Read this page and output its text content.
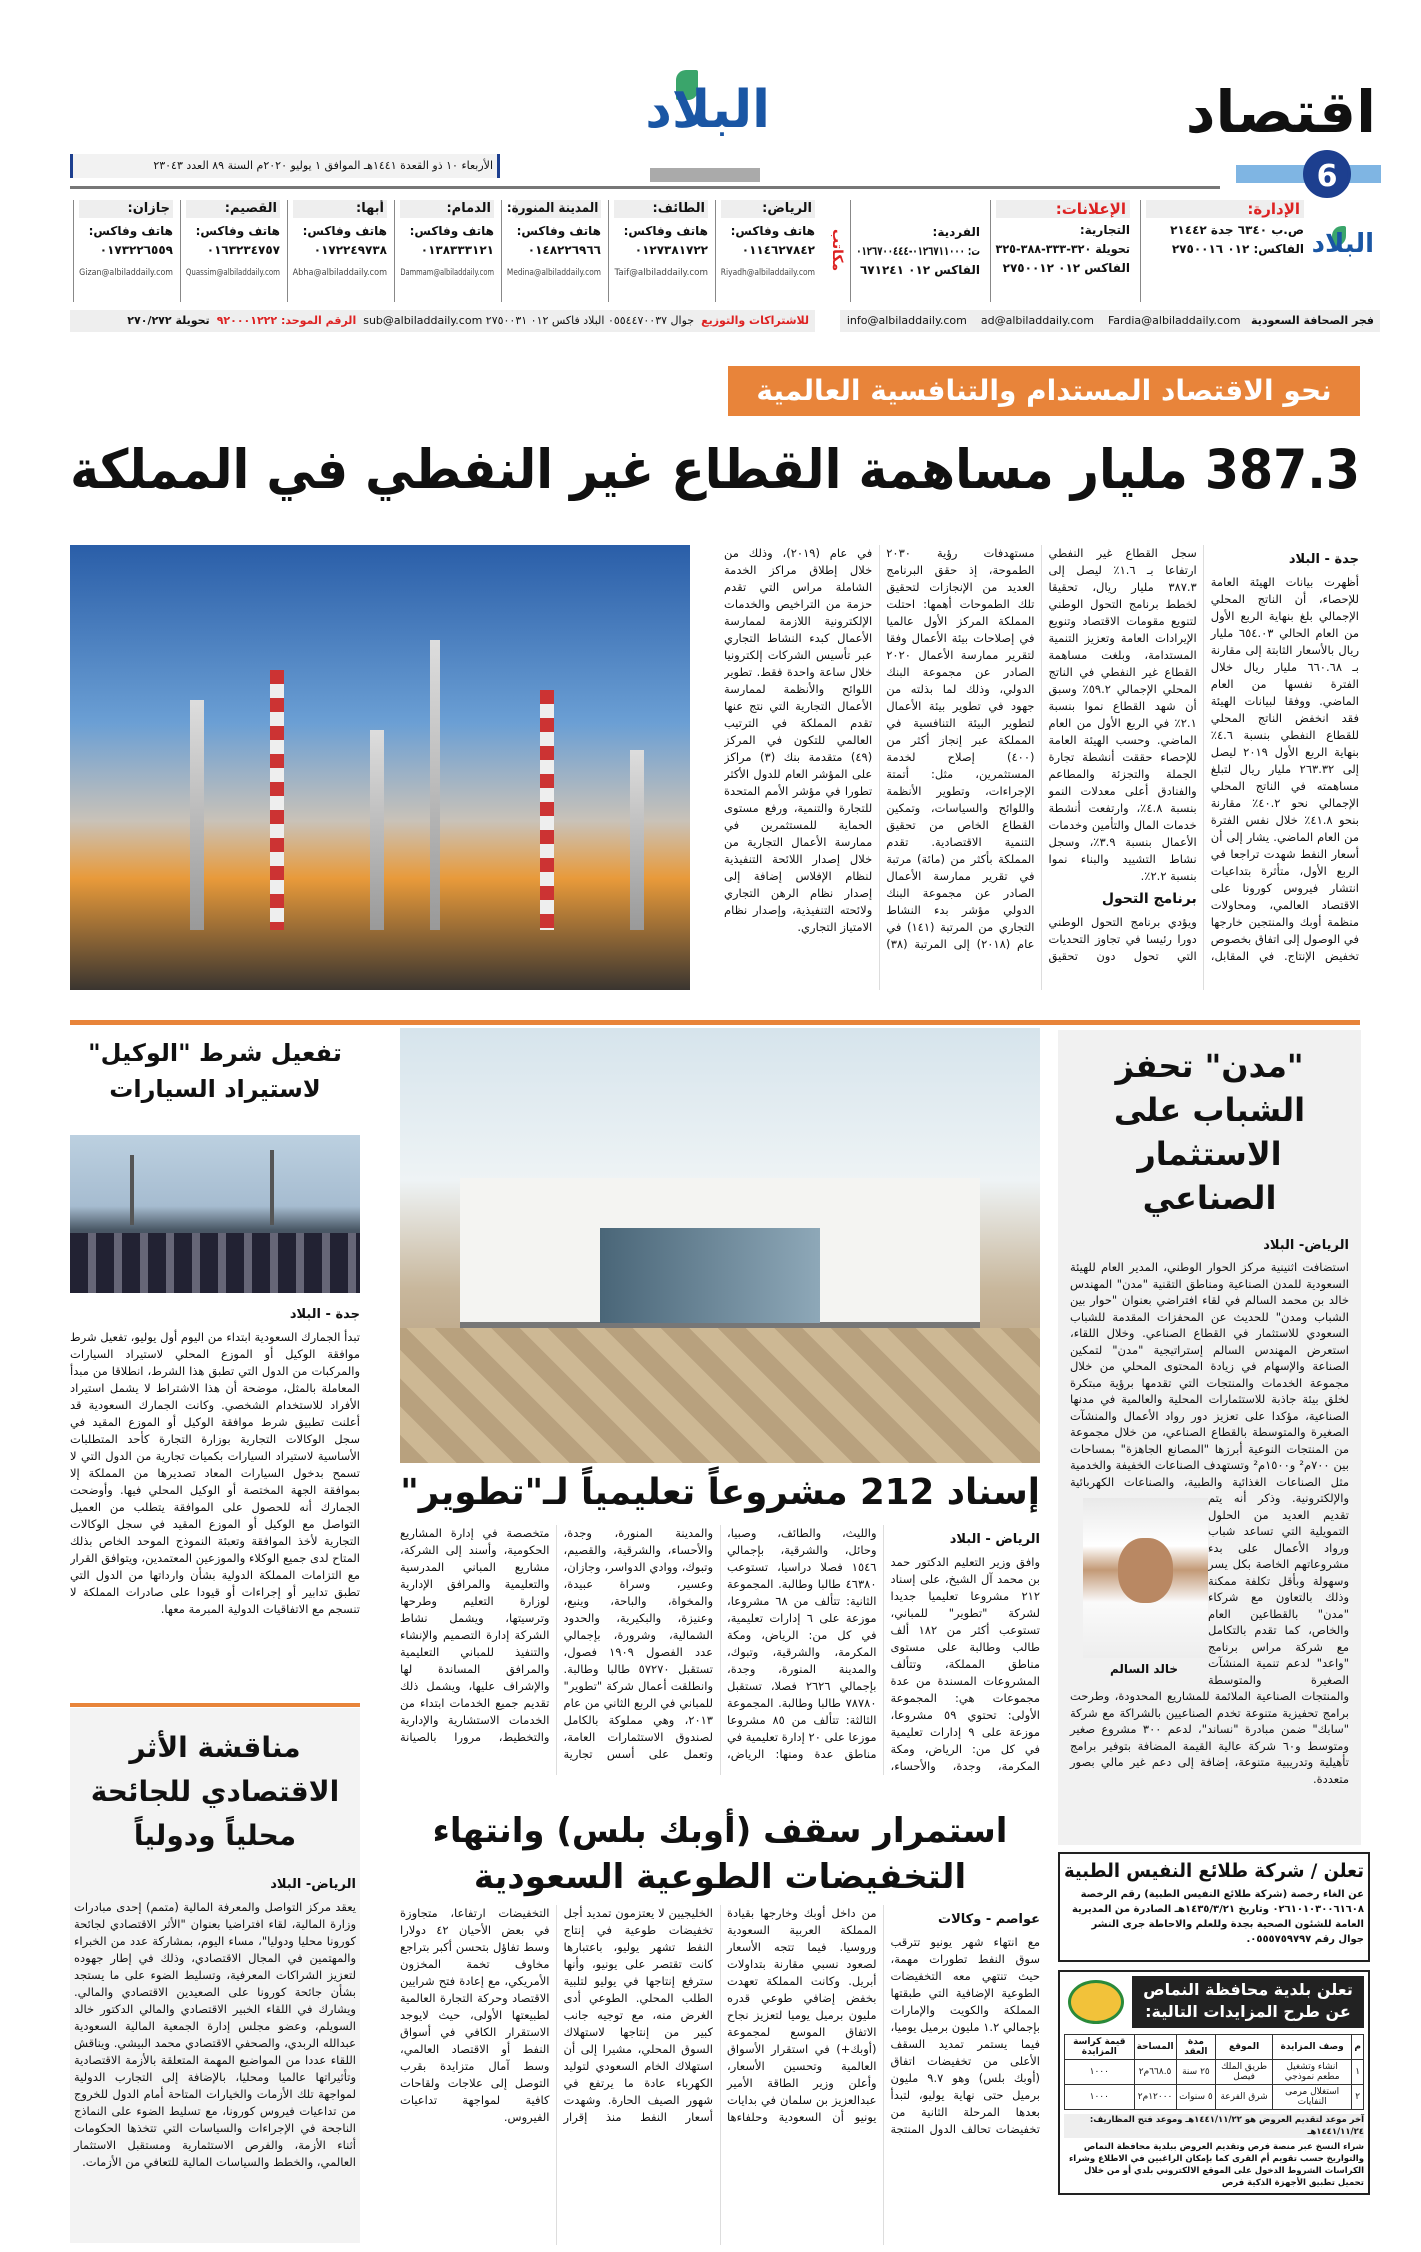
اقتصاد
6
البلاد
الأربعاء ١٠ ذو القعدة ١٤٤١هـ الموافق ١ يوليو ٢٠٢٠م السنة ٨٩ العدد ٢٣٠٤٣
البلاد
الإدارة:
ص.ب ٦٣٤٠ جدة ٢١٤٤٢
الفاكس: ٠١٢ ٢٧٥٠٠١٦
الإعلانات:
التجارية:
تحويلة ٣٢٠-٣٣٣-٣٨٨-٣٢٥
الفاكس ٠١٢ ٢٧٥٠٠١٢
الفردية:
ت: ٠١٢٦٧١١٠٠٠-٠١٢٦٧٠٠٤٤٤
الفاكس ٠١٢ ٦٧١٢٤١
مكاتب
الرياض:
هاتف وفاكس:
٠١١٤٦٢٧٨٤٢
Riyadh@albiladdaily.com
الطائف:
هاتف وفاكس:
٠١٢٧٣٨١٧٢٢
Taif@albiladdaily.com
المدينة المنورة:
هاتف وفاكس:
٠١٤٨٢٢٦٩٦٦
Medina@albiladdaily.com
الدمام:
هاتف وفاكس:
٠١٣٨٣٣٣١٢١
Dammam@albiladdaily.com
أبها:
هاتف وفاكس:
٠١٧٢٢٤٩٧٣٨
Abha@albiladdaily.com
القصيم:
هاتف وفاكس:
٠١٦٣٢٣٤٧٥٧
Quassim@albiladdaily.com
جازان:
هاتف وفاكس:
٠١٧٣٢٢٦٥٥٩
Gizan@albiladdaily.com
فجر الصحافة السعودية   info@albiladdaily.com ad@albiladdaily.com Fardia@albiladdaily.com
للاشتراكات والتوزيع  جوال ٠٥٥٤٤٧٠٠٣٧ البلاد فاكس ٠١٢ ٢٧٥٠٠٣١ sub@albiladdaily.com  الرقم الموحد: ٩٢٠٠٠١٢٢٢  تحويلة ٢٧٠/٢٧٢
نحو الاقتصاد المستدام والتنافسية العالمية
387.3 مليار مساهمة القطاع غير النفطي في المملكة
جدة - البلاد
أظهرت بيانات الهيئة العامة للإحصاء، أن الناتج المحلي الإجمالي بلغ بنهاية الربع الأول من العام الحالي ٦٥٤.٠٣ مليار ريال بالأسعار الثابتة إلى مقارنة بـ ٦٦٠.٦٨ مليار ريال خلال الفترة نفسها من العام الماضي. ووفقا لبيانات الهيئة فقد انخفض الناتج المحلي للقطاع النفطي بنسبة ٤.٦٪ بنهاية الربع الأول ٢٠١٩ ليصل إلى ٢٦٣.٣٢ مليار ريال لتبلغ مساهمته في الناتج المحلي الإجمالي نحو ٤٠.٢٪ مقارنة بنحو ٤١.٨٪ خلال نفس الفترة من العام الماضي. يشار إلى أن أسعار النفط شهدت تراجعا في الربع الأول، متأثرة بتداعيات انتشار فيروس كورونا على الاقتصاد العالمي، ومحاولات منظمة أوبك والمنتجين خارجها في الوصول إلى اتفاق بخصوص تخفيض الإنتاج. في المقابل، سجل القطاع غير النفطي ارتفاعا بـ ١.٦٪ ليصل إلى ٣٨٧.٣ مليار ريال، تحقيقا لخطط برنامج التحول الوطني لتنويع مقومات الاقتصاد وتنويع الإيرادات العامة وتعزيز التنمية المستدامة، وبلغت مساهمة القطاع غير النفطي في الناتج المحلي الإجمالي ٥٩.٢٪ وسبق أن شهد القطاع نموا بنسبة ٢.١٪ في الربع الأول من العام الماضي. وحسب الهيئة العامة للإحصاء حققت أنشطة تجارة الجملة والتجزئة والمطاعم والفنادق أعلى معدلات النمو بنسبة ٤.٨٪، وارتفعت أنشطة خدمات المال والتأمين وخدمات الأعمال بنسبة ٣.٩٪، وسجل نشاط التشييد والبناء نموا بنسبة ٢.٢٪.
برنامج التحول
ويؤدي برنامج التحول الوطني دورا رئيسا في تجاوز التحديات التي تحول دون تحقيق مستهدفات رؤية ٢٠٣٠ الطموحة، إذ حقق البرنامج العديد من الإنجازات لتحقيق تلك الطموحات أهمها: احتلت المملكة المركز الأول عالميا في إصلاحات بيئة الأعمال وفقا لتقرير ممارسة الأعمال ٢٠٢٠ الصادر عن مجموعة البنك الدولي، وذلك لما بذلته من جهود في تطوير بيئة الأعمال لتطوير البيئة التنافسية في المملكة عبر إنجاز أكثر من (٤٠٠) إصلاح لخدمة المستثمرين، مثل: أتمتة الإجراءات، وتطوير الأنظمة واللوائح والسياسات، وتمكين القطاع الخاص من تحقيق التنمية الاقتصادية. تقدم المملكة بأكثر من (مائة) مرتبة في تقرير ممارسة الأعمال الصادر عن مجموعة البنك الدولي مؤشر بدء النشاط التجاري من المرتبة (١٤١) في عام (٢٠١٨) إلى المرتبة (٣٨) في عام (٢٠١٩)، وذلك من خلال إطلاق مراكز الخدمة الشاملة مراس التي تقدم حزمة من التراخيص والخدمات الإلكترونية اللازمة لممارسة الأعمال كبدء النشاط التجاري عبر تأسيس الشركات إلكترونيا خلال ساعة واحدة فقط. تطوير اللوائح والأنظمة لممارسة الأعمال التجارية التي نتج عنها تقدم المملكة في الترتيب العالمي للتكون في المركز (٤٩) متقدمة بنك (٣) مراكز على المؤشر العام للدول الأكثر تطورا في مؤشر الأمم المتحدة للتجارة والتنمية، ورفع مستوى الحماية للمستثمرين في ممارسة الأعمال التجارية من خلال إصدار اللائحة التنفيذية لنظام الإفلاس إضافة إلى إصدار نظام الرهن التجاري ولائحته التنفيذية، وإصدار نظام الامتياز التجاري.
"مدن" تحفز الشباب على الاستثمار الصناعي
الرياض- البلاد
خالد السالم
استضافت اثنينية مركز الحوار الوطني، المدير العام للهيئة السعودية للمدن الصناعية ومناطق التقنية "مدن" المهندس خالد بن محمد السالم في لقاء افتراضي بعنوان "حوار بين الشباب ومدن" للحديث عن المحفزات المقدمة للشباب السعودي للاستثمار في القطاع الصناعي. وخلال اللقاء، استعرض المهندس السالم إستراتيجية "مدن" لتمكين الصناعة والإسهام في زيادة المحتوى المحلي من خلال مجموعة الخدمات والمنتجات التي تقدمها برؤية مبتكرة لخلق بيئة جاذبة للاستثمارات المحلية والعالمية في مدنها الصناعية، مؤكدا على تعزيز دور رواد الأعمال والمنشآت الصغيرة والمتوسطة بالقطاع الصناعي، من خلال مجموعة من المنتجات النوعية أبرزها "المصانع الجاهزة" بمساحات بين ٧٠٠م² و١٥٠٠م² وتستهدف الصناعات الخفيفة والخدمية مثل الصناعات الغذائية والطبية، والصناعات الكهربائية والإلكترونية. وذكر أنه يتم تقديم العديد من الحلول التمويلية التي تساعد شباب ورواد الأعمال على بدء مشروعاتهم الخاصة بكل يسر وسهولة وبأقل تكلفة ممكنة وذلك بالتعاون مع شركاء "مدن" بالقطاعين العام والخاص، كما تقدم بالتكامل مع شركة مراس برنامج "واعد" لدعم تنمية المنشآت الصغيرة والمتوسطة والمنتجات الصناعية الملائمة للمشاريع المحدودة، وطرحت برامج تحفيزية متنوعة تخدم الصناعيين بالشراكة مع شركة "سابك" ضمن مبادرة "نساند"، لدعم ٣٠٠ مشروع صغير ومتوسط و٦٠ شركة عالية القيمة المضافة بتوفير برامج تأهيلية وتدريبية متنوعة، إضافة إلى دعم غير مالي بصور متعددة.
إسناد 212 مشروعاً تعليمياً لـ"تطوير"
الرياض - البلاد
وافق وزير التعليم الدكتور حمد بن محمد آل الشيخ، على إسناد ٢١٢ مشروعا تعليميا جديدا لشركة "تطوير" للمباني، تستوعب أكثر من ١٨٢ ألف طالب وطالبة على مستوى مناطق المملكة، وتتألف المشروعات المسندة من عدة مجموعات هي: المجموعة الأولى: تحتوي ٥٩ مشروعا، موزعة على ٩ إدارات تعليمية في كل من: الرياض، ومكة المكرمة، وجدة، والأحساء، والليث، والطائف، وصبيا، وحائل، والشرقية، بإجمالي ١٥٤٦ فصلا دراسيا، تستوعب ٤٦٣٨٠ طالبا وطالبة. المجموعة الثانية: تتألف من ٦٨ مشروعا، موزعة على ٦ إدارات تعليمية، في كل من: الرياض، ومكة المكرمة، والشرقية، وتبوك، والمدينة المنورة، وجدة، بإجمالي ٢٦٢٦ فصلا، تستقبل ٧٨٧٨٠ طالبا وطالبة. المجموعة الثالثة: تتألف من ٨٥ مشروعا موزعا على ٢٠ إدارة تعليمية في مناطق عدة ومنها: الرياض، والمدينة المنورة، وجدة، والأحساء، والشرقية، والقصيم، وتبوك، ووادي الدواسر، وجازان، وعسير، وسراة عبيدة، والمخواة، والباحة، وينبع، وعنيزة، والبكيرية، والحدود الشمالية، وشرورة، بإجمالي عدد الفصول ١٩٠٩ فصول، تستقبل ٥٧٢٧٠ طالبا وطالبة. وانطلقت أعمال شركة "تطوير" للمباني في الربع الثاني من عام ٢٠١٣، وهي مملوكة بالكامل لصندوق الاستثمارات العامة، وتعمل على أسس تجارية متخصصة في إدارة المشاريع الحكومية، وأسند إلى الشركة، مشاريع المباني المدرسية والتعليمية والمرافق الإدارية لوزارة التعليم وطرحها وترسيتها، ويشمل نشاط الشركة إدارة التصميم والإنشاء والتنفيذ للمباني التعليمية والمرافق المساندة لها والإشراف عليها، ويشمل ذلك تقديم جميع الخدمات ابتداء من الخدمات الاستشارية والإدارية والتخطيط، مرورا بالصيانة
تفعيل شرط "الوكيل" لاستيراد السيارات
جدة - البلاد
تبدأ الجمارك السعودية ابتداء من اليوم أول يوليو، تفعيل شرط موافقة الوكيل أو الموزع المحلي لاستيراد السيارات والمركبات من الدول التي تطبق هذا الشرط، انطلاقا من مبدأ المعاملة بالمثل، موضحة أن هذا الاشتراط لا يشمل استيراد الأفراد للاستخدام الشخصي. وكانت الجمارك السعودية قد أعلنت تطبيق شرط موافقة الوكيل أو الموزع المقيد في سجل الوكالات التجارية بوزارة التجارة كأحد المتطلبات الأساسية لاستيراد السيارات بكميات تجارية من الدول التي لا تسمح بدخول السيارات المعاد تصديرها من المملكة إلا بموافقة الجهة المختصة أو الوكيل المحلي فيها. وأوضحت الجمارك أنه للحصول على الموافقة يتطلب من العميل التواصل مع الوكيل أو الموزع المقيد في سجل الوكالات التجارية لأخذ الموافقة وتعبئة النموذج الموحد الخاص بذلك المتاح لدى جميع الوكلاء والموزعين المعتمدين، ويتوافق القرار مع التزامات المملكة الدولية بشأن وارداتها من الدول التي تطبق تدابير أو إجراءات أو قيودا على صادرات المملكة لا تنسجم مع الاتفاقيات الدولية المبرمة معها.
مناقشة الأثر الاقتصادي للجائحة محلياً ودولياً
الرياض- البلاد
يعقد مركز التواصل والمعرفة المالية (متمم) إحدى مبادرات وزارة المالية، لقاء افتراضيا بعنوان "الأثر الاقتصادي لجائحة كورونا محليا ودوليا"، مساء اليوم، بمشاركة عدد من الخبراء والمهتمين في المجال الاقتصادي، وذلك في إطار جهوده لتعزيز الشراكات المعرفية، وتسليط الضوء على ما يستجد بشأن جائحة كورونا على الصعيدين الاقتصادي والمالي. ويشارك في اللقاء الخبير الاقتصادي والمالي الدكتور خالد السويلم، وعضو مجلس إدارة الجمعية المالية السعودية عبدالله الربدي، والصحفي الاقتصادي محمد البيشي. ويناقش اللقاء عددا من المواضيع المهمة المتعلقة بالأزمة الاقتصادية وتأثيراتها عالميا ومحليا، بالإضافة إلى التجارب الدولية لمواجهة تلك الأزمات والخيارات المتاحة أمام الدول للخروج من تداعيات فيروس كورونا، مع تسليط الضوء على النماذج الناجحة في الإجراءات والسياسات التي تتخذها الحكومات أثناء الأزمة، والفرص الاستثمارية ومستقبل الاستثمار العالمي، والخطط والسياسات المالية للتعافي من الأزمات.
استمرار سقف (أوبك بلس) وانتهاء التخفيضات الطوعية السعودية
عواصم - وكالات
مع انتهاء شهر يونيو تترقب سوق النفط تطورات مهمة، حيث تنتهي معه التخفيضات الطوعية الإضافية التي طبقتها المملكة والكويت والإمارات بإجمالي ١.٢ مليون برميل يوميا، فيما يستمر تمديد السقف الأعلى من تخفيضات اتفاق (أوبك بلس) وهو ٩.٧ مليون برميل حتى نهاية يوليو، لتبدأ بعدها المرحلة الثانية من تخفيضات تحالف الدول المنتجة من داخل أوبك وخارجها بقيادة المملكة العربية السعودية وروسيا. فيما تتجه الأسعار لصعود نسبي مقارنة بتداولات أبريل. وكانت المملكة تعهدت بخفض إضافي طوعي قدره مليون برميل يوميا لتعزيز نجاح الاتفاق الموسع لمجموعة (أوبك+) في استقرار الأسواق العالمية وتحسين الأسعار، وأعلن وزير الطاقة الأمير عبدالعزيز بن سلمان في بدايات يونيو أن السعودية وحلفاءها الخليجيين لا يعتزمون تمديد أجل تخفيضات طوعية في إنتاج النفط تشهر يوليو، باعتبارها كانت تقتصر على يونيو، وأنها سترفع إنتاجها في يوليو لتلبية الطلب المحلي. الطوعي أدى الغرض منه، مع توجيه جانب كبير من إنتاجها لاستهلاك السوق المحلي، مشيرا إلى أن استهلاك الخام السعودي لتوليد الكهرباء عادة ما يرتفع في شهور الصيف الحارة. وشهدت أسعار النفط منذ إقرار التخفيضات ارتفاعا، متجاوزة في بعض الأحيان ٤٢ دولارا وسط تفاؤل بتحسن أكبر بتراجع مخاوف تخمة المخزون الأمريكي، مع إعادة فتح شرايين الاقتصاد وحركة التجارة العالمية لطبيعتها الأولى، حيث لايوجد الاستقرار الكافي في أسواق النفط أو الاقتصاد العالمي، وسط آمال متزايدة بقرب التوصل إلى علاجات ولقاحات كافية لمواجهة تداعيات الفيروس.
تعلن / شركة طلائع النفيس الطبية
عن الغاء رخصة (شركة طلائع النفيس الطبية) رقم الرخصة ٠٢٦١٠١٠٣٠٠٦١٦٠٨ وتاريخ ١٤٣٥/٣/٢١هـ الصادرة من المديرية العامة للشئون الصحية بجدة وللعلم والاحاطة جرى النشر جوال رقم ٠٥٥٥٧٥٩٧٩٧.
تعلن بلدية محافظة النماص عن طرح المزايدات التالية:
م	وصف المزايدة	الموقع	مدة العقد	المساحة	قيمة كراسة المزايدة
١	انشاء وتشغيل مطعم نموذجي	طريق الملك فيصل	٢٥ سنة	٦٦٨.٥م٢	١٠٠٠
٢	استغلال مرمى النفايات	شرق الفرعة	٥ سنوات	١٢٠٠٠م٢	١٠٠٠
آخر موعد لتقديم العروض هو ١٤٤١/١١/٢٢هـ وموعد فتح المظاريف: ١٤٤١/١١/٢٤هـ
شراء النسخ عبر منصة فرص وتقديم العروض ببلدية محافظة النماص والتواريخ حسب تقويم أم القرى كما بإمكان الراغبين في الاطلاع وشراء الكراسات الشروط الدخول على الموقع الالكتروني بلدي أو من خلال تحميل تطبيق الأجهزة الذكية فرص
